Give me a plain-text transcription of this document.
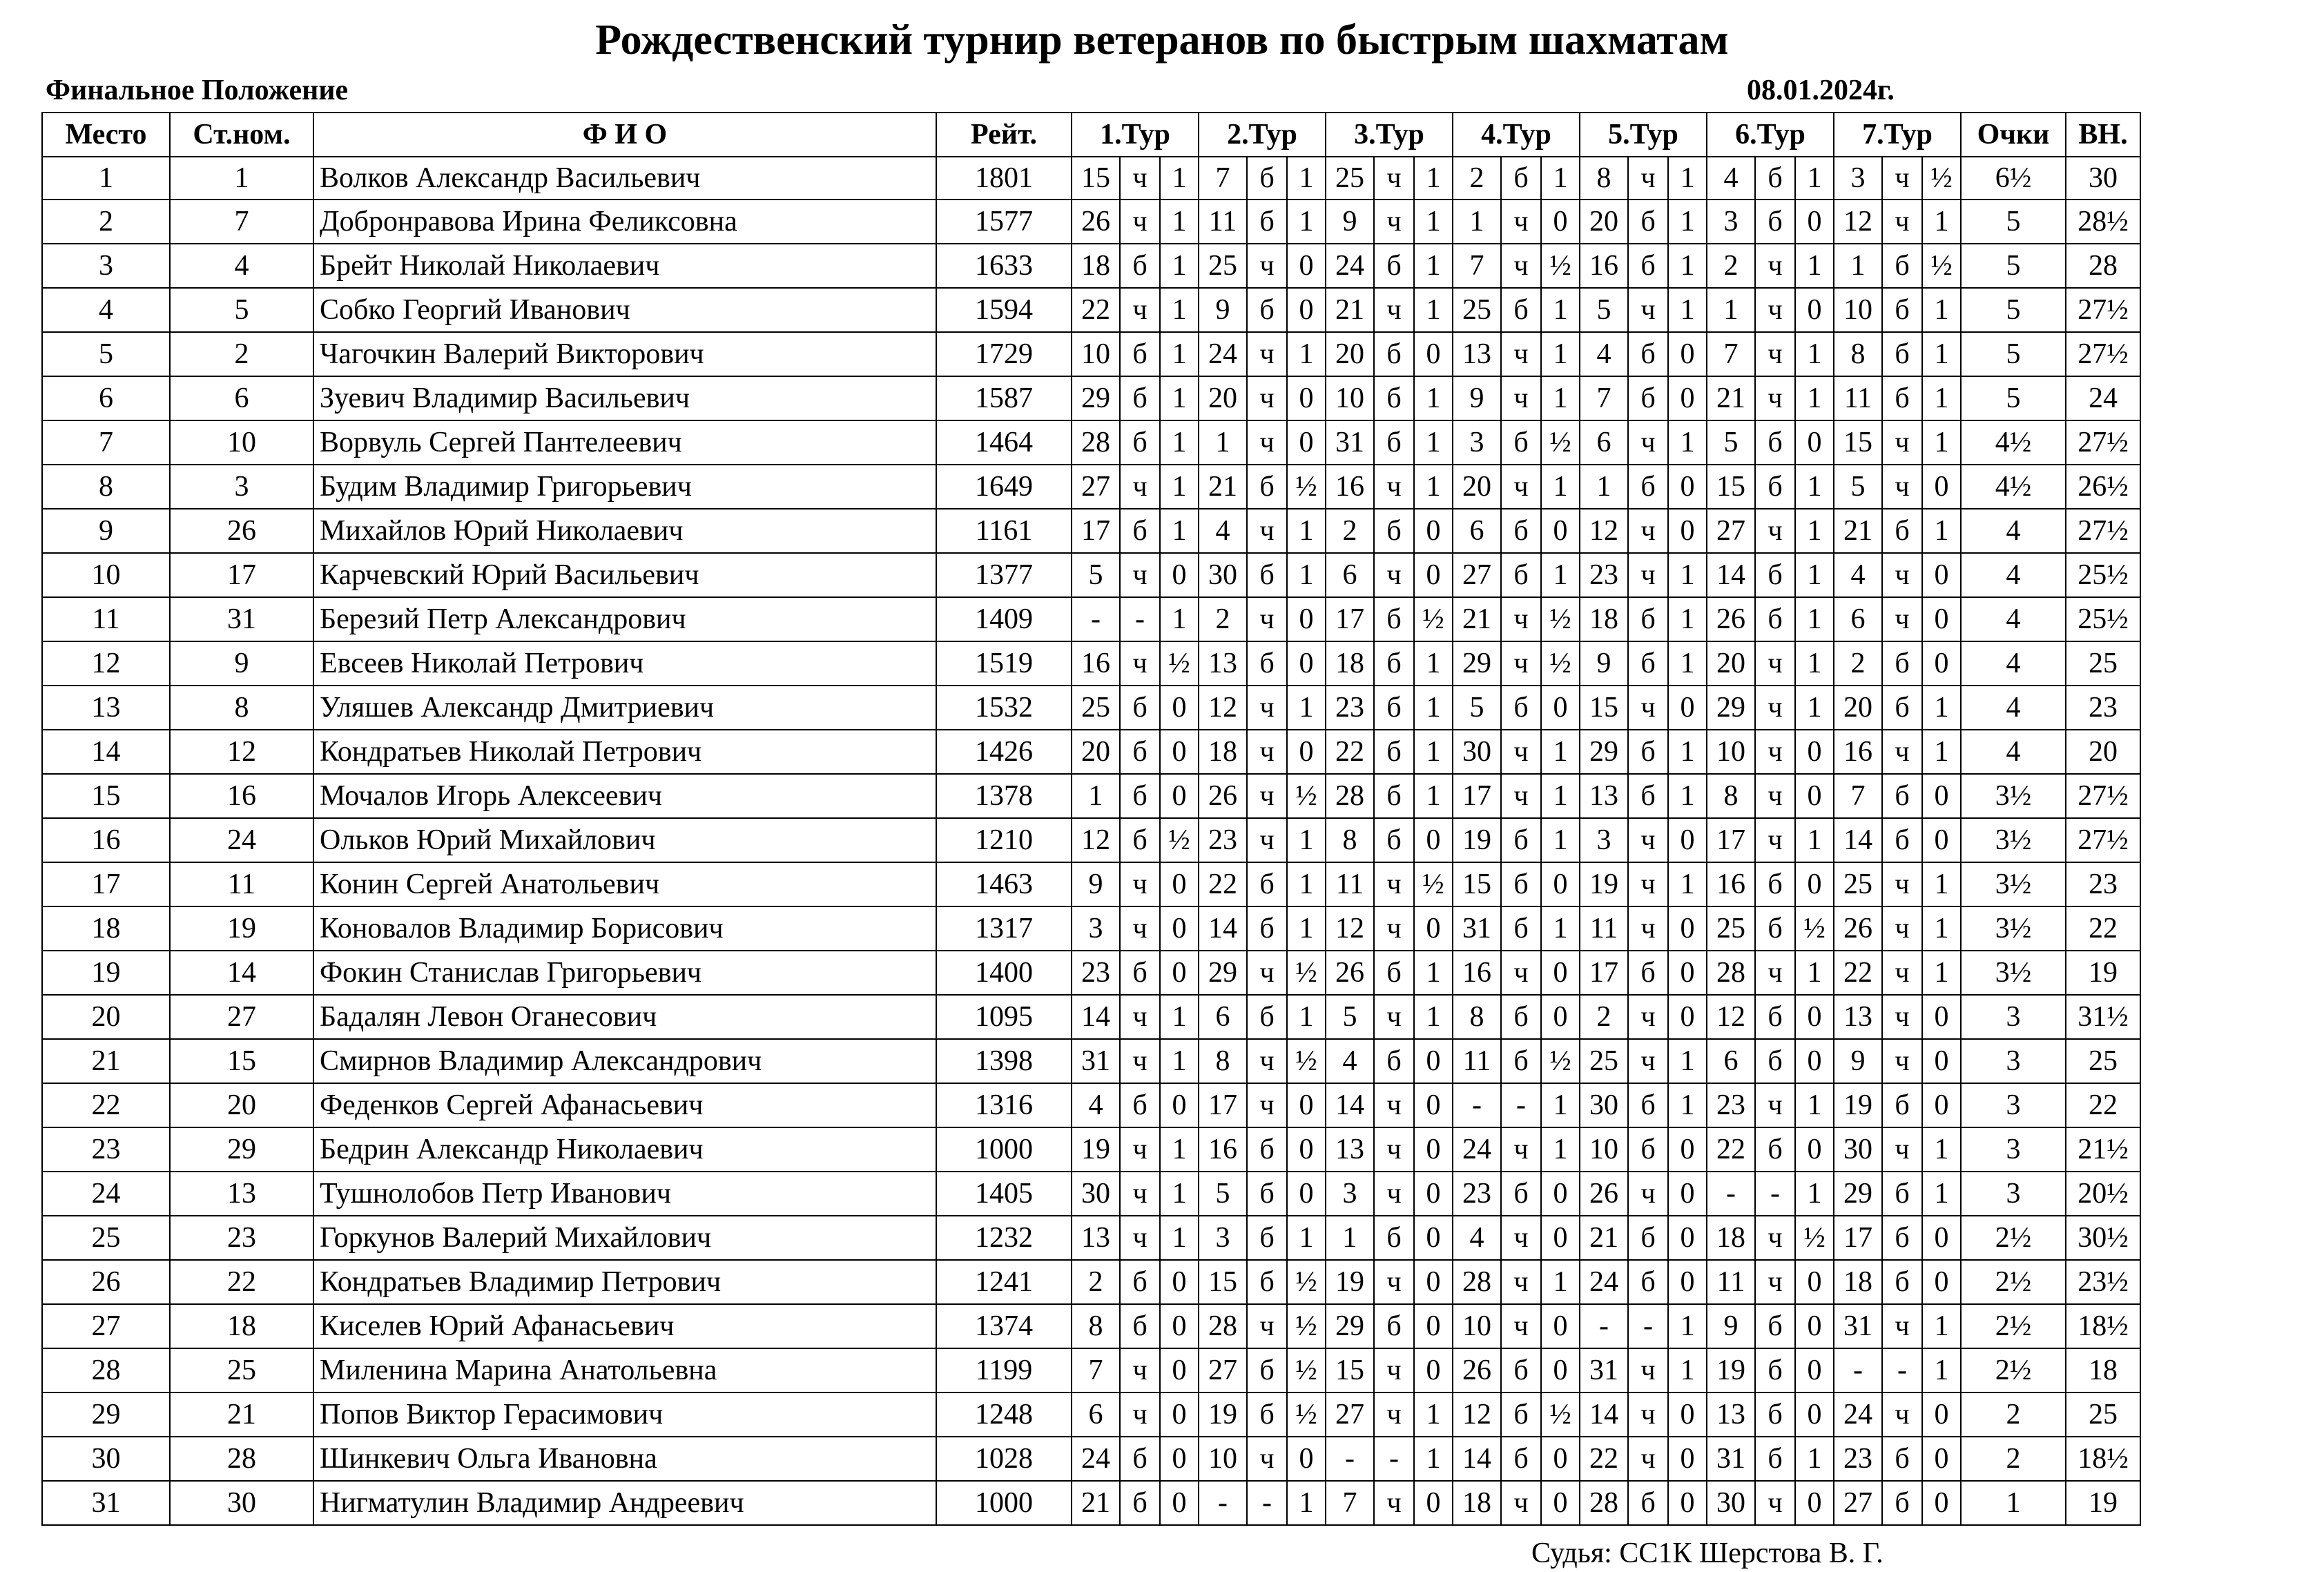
Рождественский турнир ветеранов по быстрым шахматам
Финальное Положение	08.01.2024г.
Место	Ст.ном.	Ф И О	Рейт.	1.Тур			2.Тур			3.Тур			4.Тур			5.Тур			6.Тур			7.Тур			Очки	ВН.
1	1	Волков Александр Васильевич	1801	15	ч	1	7	б	1	25	ч	1	2	б	1	8	ч	1	4	б	1	3	ч	½	6½	30
2	7	Добронравова Ирина Феликсовна	1577	26	ч	1	11	б	1	9	ч	1	1	ч	0	20	б	1	3	б	0	12	ч	1	5	28½
3	4	Брейт Николай Николаевич	1633	18	б	1	25	ч	0	24	б	1	7	ч	½	16	б	1	2	ч	1	1	б	½	5	28
4	5	Собко Георгий Иванович	1594	22	ч	1	9	б	0	21	ч	1	25	б	1	5	ч	1	1	ч	0	10	б	1	5	27½
5	2	Чагочкин Валерий Викторович	1729	10	б	1	24	ч	1	20	б	0	13	ч	1	4	б	0	7	ч	1	8	б	1	5	27½
6	6	Зуевич Владимир Васильевич	1587	29	б	1	20	ч	0	10	б	1	9	ч	1	7	б	0	21	ч	1	11	б	1	5	24
7	10	Ворвуль Сергей Пантелеевич	1464	28	б	1	1	ч	0	31	б	1	3	б	½	6	ч	1	5	б	0	15	ч	1	4½	27½
8	3	Будим Владимир Григорьевич	1649	27	ч	1	21	б	½	16	ч	1	20	ч	1	1	б	0	15	б	1	5	ч	0	4½	26½
9	26	Михайлов Юрий Николаевич	1161	17	б	1	4	ч	1	2	б	0	6	б	0	12	ч	0	27	ч	1	21	б	1	4	27½
10	17	Карчевский Юрий Васильевич	1377	5	ч	0	30	б	1	6	ч	0	27	б	1	23	ч	1	14	б	1	4	ч	0	4	25½
11	31	Березий Петр Александрович	1409	-	-	1	2	ч	0	17	б	½	21	ч	½	18	б	1	26	б	1	6	ч	0	4	25½
12	9	Евсеев Николай Петрович	1519	16	ч	½	13	б	0	18	б	1	29	ч	½	9	б	1	20	ч	1	2	б	0	4	25
13	8	Уляшев Александр Дмитриевич	1532	25	б	0	12	ч	1	23	б	1	5	б	0	15	ч	0	29	ч	1	20	б	1	4	23
14	12	Кондратьев Николай Петрович	1426	20	б	0	18	ч	0	22	б	1	30	ч	1	29	б	1	10	ч	0	16	ч	1	4	20
15	16	Мочалов Игорь Алексеевич	1378	1	б	0	26	ч	½	28	б	1	17	ч	1	13	б	1	8	ч	0	7	б	0	3½	27½
16	24	Ольков Юрий Михайлович	1210	12	б	½	23	ч	1	8	б	0	19	б	1	3	ч	0	17	ч	1	14	б	0	3½	27½
17	11	Конин Сергей Анатольевич	1463	9	ч	0	22	б	1	11	ч	½	15	б	0	19	ч	1	16	б	0	25	ч	1	3½	23
18	19	Коновалов Владимир Борисович	1317	3	ч	0	14	б	1	12	ч	0	31	б	1	11	ч	0	25	б	½	26	ч	1	3½	22
19	14	Фокин Станислав Григорьевич	1400	23	б	0	29	ч	½	26	б	1	16	ч	0	17	б	0	28	ч	1	22	ч	1	3½	19
20	27	Бадалян Левон Оганесович	1095	14	ч	1	6	б	1	5	ч	1	8	б	0	2	ч	0	12	б	0	13	ч	0	3	31½
21	15	Смирнов Владимир Александрович	1398	31	ч	1	8	ч	½	4	б	0	11	б	½	25	ч	1	6	б	0	9	ч	0	3	25
22	20	Феденков Сергей Афанасьевич	1316	4	б	0	17	ч	0	14	ч	0	-	-	1	30	б	1	23	ч	1	19	б	0	3	22
23	29	Бедрин Александр Николаевич	1000	19	ч	1	16	б	0	13	ч	0	24	ч	1	10	б	0	22	б	0	30	ч	1	3	21½
24	13	Тушнолобов Петр Иванович	1405	30	ч	1	5	б	0	3	ч	0	23	б	0	26	ч	0	-	-	1	29	б	1	3	20½
25	23	Горкунов Валерий Михайлович	1232	13	ч	1	3	б	1	1	б	0	4	ч	0	21	б	0	18	ч	½	17	б	0	2½	30½
26	22	Кондратьев Владимир Петрович	1241	2	б	0	15	б	½	19	ч	0	28	ч	1	24	б	0	11	ч	0	18	б	0	2½	23½
27	18	Киселев Юрий Афанасьевич	1374	8	б	0	28	ч	½	29	б	0	10	ч	0	-	-	1	9	б	0	31	ч	1	2½	18½
28	25	Миленина Марина Анатольевна	1199	7	ч	0	27	б	½	15	ч	0	26	б	0	31	ч	1	19	б	0	-	-	1	2½	18
29	21	Попов Виктор Герасимович	1248	6	ч	0	19	б	½	27	ч	1	12	б	½	14	ч	0	13	б	0	24	ч	0	2	25
30	28	Шинкевич Ольга Ивановна	1028	24	б	0	10	ч	0	-	-	1	14	б	0	22	ч	0	31	б	1	23	б	0	2	18½
31	30	Нигматулин Владимир Андреевич	1000	21	б	0	-	-	1	7	ч	0	18	ч	0	28	б	0	30	ч	0	27	б	0	1	19
Судья: СС1К Шерстова В. Г.
